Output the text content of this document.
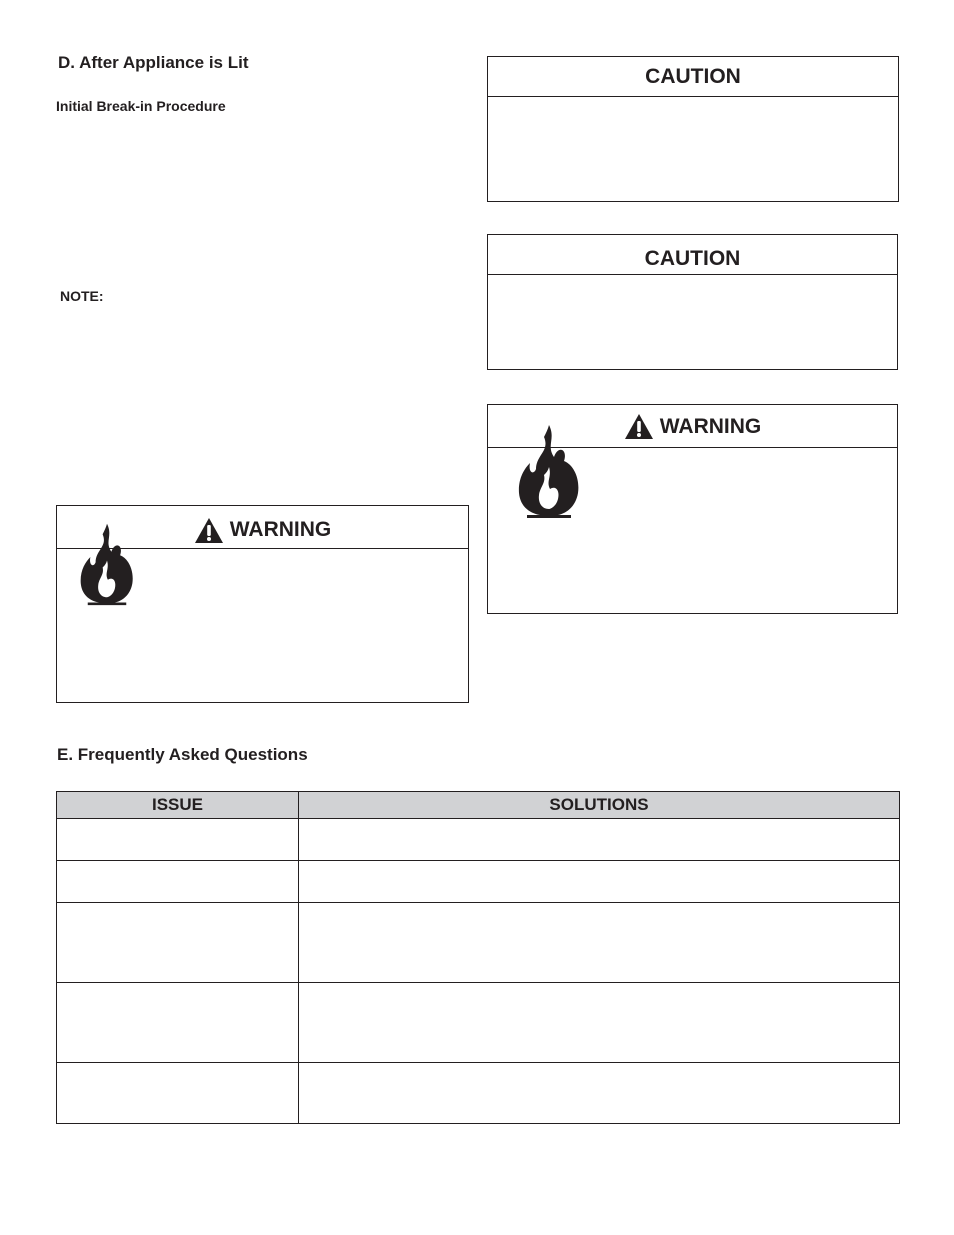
D. After Appliance is Lit
Initial Break-in Procedure
NOTE:
CAUTION
CAUTION
WARNING
WARNING
E. Frequently Asked Questions
ISSUE	SOLUTIONS
